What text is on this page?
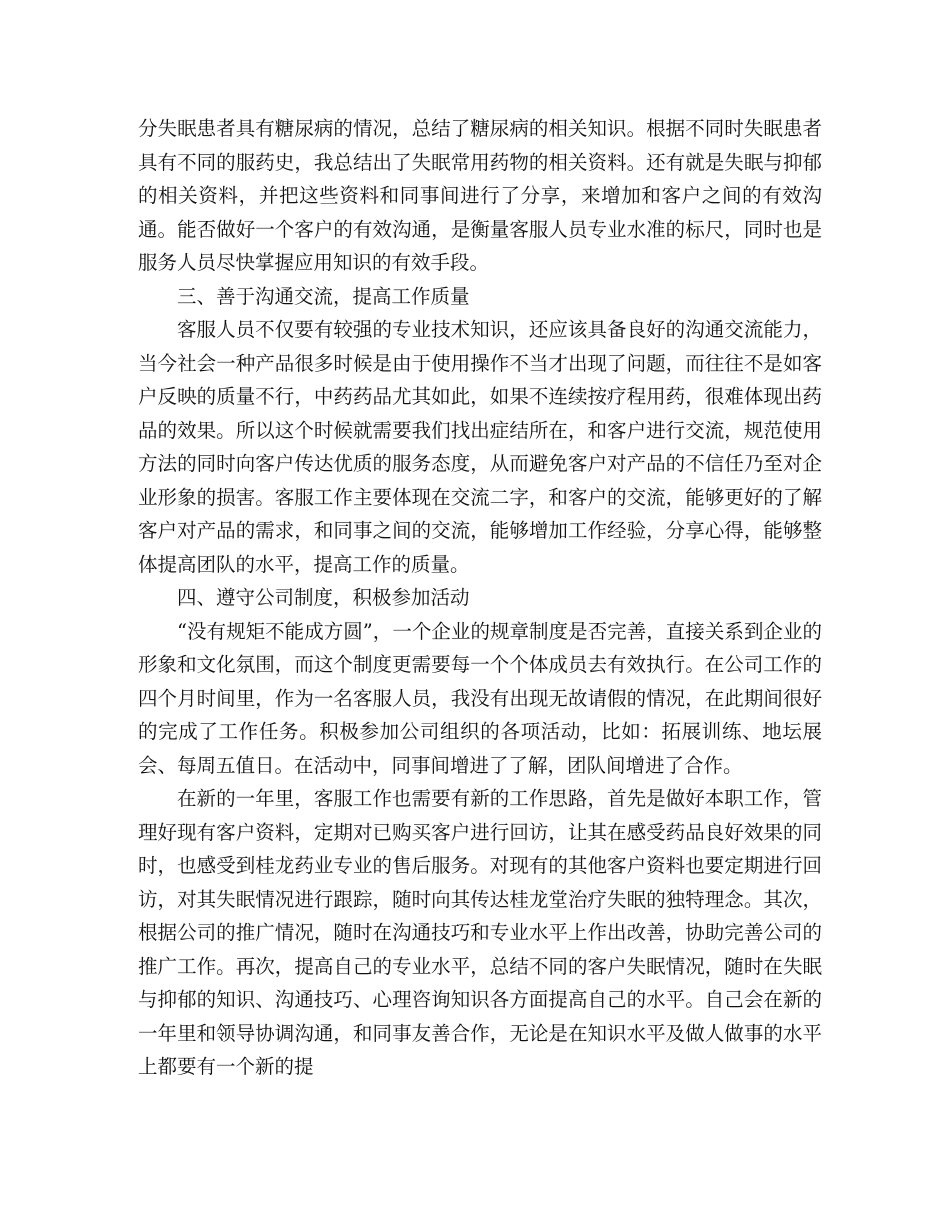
分失眠患者具有糖尿病的情况，总结了糖尿病的相关知识。根据不同时失眠患者具有不同的服药史，我总结出了失眠常用药物的相关资料。还有就是失眠与抑郁的相关资料，并把这些资料和同事间进行了分享，来增加和客户之间的有效沟通。能否做好一个客户的有效沟通，是衡量客服人员专业水准的标尺，同时也是服务人员尽快掌握应用知识的有效手段。

三、善于沟通交流，提高工作质量

客服人员不仅要有较强的专业技术知识，还应该具备良好的沟通交流能力，当今社会一种产品很多时候是由于使用操作不当才出现了问题，而往往不是如客户反映的质量不行，中药药品尤其如此，如果不连续按疗程用药，很难体现出药品的效果。所以这个时候就需要我们找出症结所在，和客户进行交流，规范使用方法的同时向客户传达优质的服务态度，从而避免客户对产品的不信任乃至对企业形象的损害。客服工作主要体现在交流二字，和客户的交流，能够更好的了解客户对产品的需求，和同事之间的交流，能够增加工作经验，分享心得，能够整体提高团队的水平，提高工作的质量。

四、遵守公司制度，积极参加活动

“没有规矩不能成方圆”，一个企业的规章制度是否完善，直接关系到企业的形象和文化氛围，而这个制度更需要每一个个体成员去有效执行。在公司工作的四个月时间里，作为一名客服人员，我没有出现无故请假的情况，在此期间很好的完成了工作任务。积极参加公司组织的各项活动，比如：拓展训练、地坛展会、每周五值日。在活动中，同事间增进了了解，团队间增进了合作。

在新的一年里，客服工作也需要有新的工作思路，首先是做好本职工作，管理好现有客户资料，定期对已购买客户进行回访，让其在感受药品良好效果的同时，也感受到桂龙药业专业的售后服务。对现有的其他客户资料也要定期进行回访，对其失眠情况进行跟踪，随时向其传达桂龙堂治疗失眠的独特理念。其次，根据公司的推广情况，随时在沟通技巧和专业水平上作出改善，协助完善公司的推广工作。再次，提高自己的专业水平，总结不同的客户失眠情况，随时在失眠与抑郁的知识、沟通技巧、心理咨询知识各方面提高自己的水平。自己会在新的一年里和领导协调沟通，和同事友善合作，无论是在知识水平及做人做事的水平上都要有一个新的提
